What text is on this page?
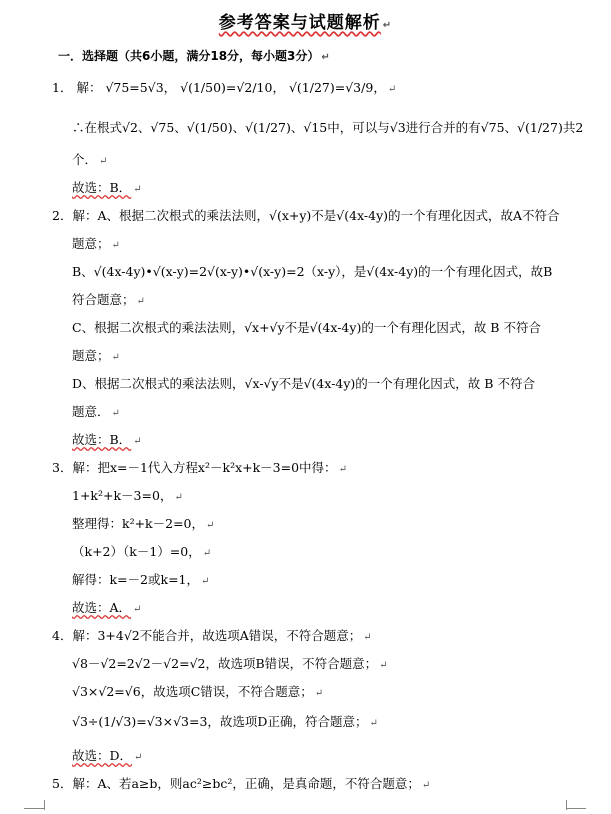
参考答案与试题解析 ↵
一．选择题（共6小题，满分18分，每小题3分） ↵
1． 解： √75=5√3， √(1/50)=√2/10， √(1/27)=√3/9， ↵
∴在根式√2、√75、√(1/50)、√(1/27)、√15中，可以与√3进行合并的有√75、√(1/27)共2
个． ↵
故选：B． ↵
2．解：A、根据二次根式的乘法法则，√(x+y)不是√(4x-4y)的一个有理化因式，故A不符合
题意； ↵
B、√(4x-4y)•√(x-y)=2√(x-y)•√(x-y)=2（x-y），是√(4x-4y)的一个有理化因式，故B
符合题意； ↵
C、根据二次根式的乘法法则，√x+√y不是√(4x-4y)的一个有理化因式，故 B 不符合
题意； ↵
D、根据二次根式的乘法法则，√x-√y不是√(4x-4y)的一个有理化因式，故 B 不符合
题意． ↵
故选：B． ↵
3．解：把x=－1代入方程x²－k²x+k－3=0中得： ↵
1+k²+k－3=0， ↵
整理得：k²+k－2=0， ↵
（k+2）（k－1）=0， ↵
解得：k=－2或k=1， ↵
故选：A． ↵
4．解：3+4√2不能合并，故选项A错误，不符合题意； ↵
√8－√2=2√2－√2=√2，故选项B错误，不符合题意； ↵
√3×√2=√6，故选项C错误，不符合题意； ↵
√3÷(1/√3)=√3×√3=3，故选项D正确，符合题意； ↵
故选：D． ↵
5．解：A、若a≥b，则ac²≥bc²，正确，是真命题，不符合题意； ↵
